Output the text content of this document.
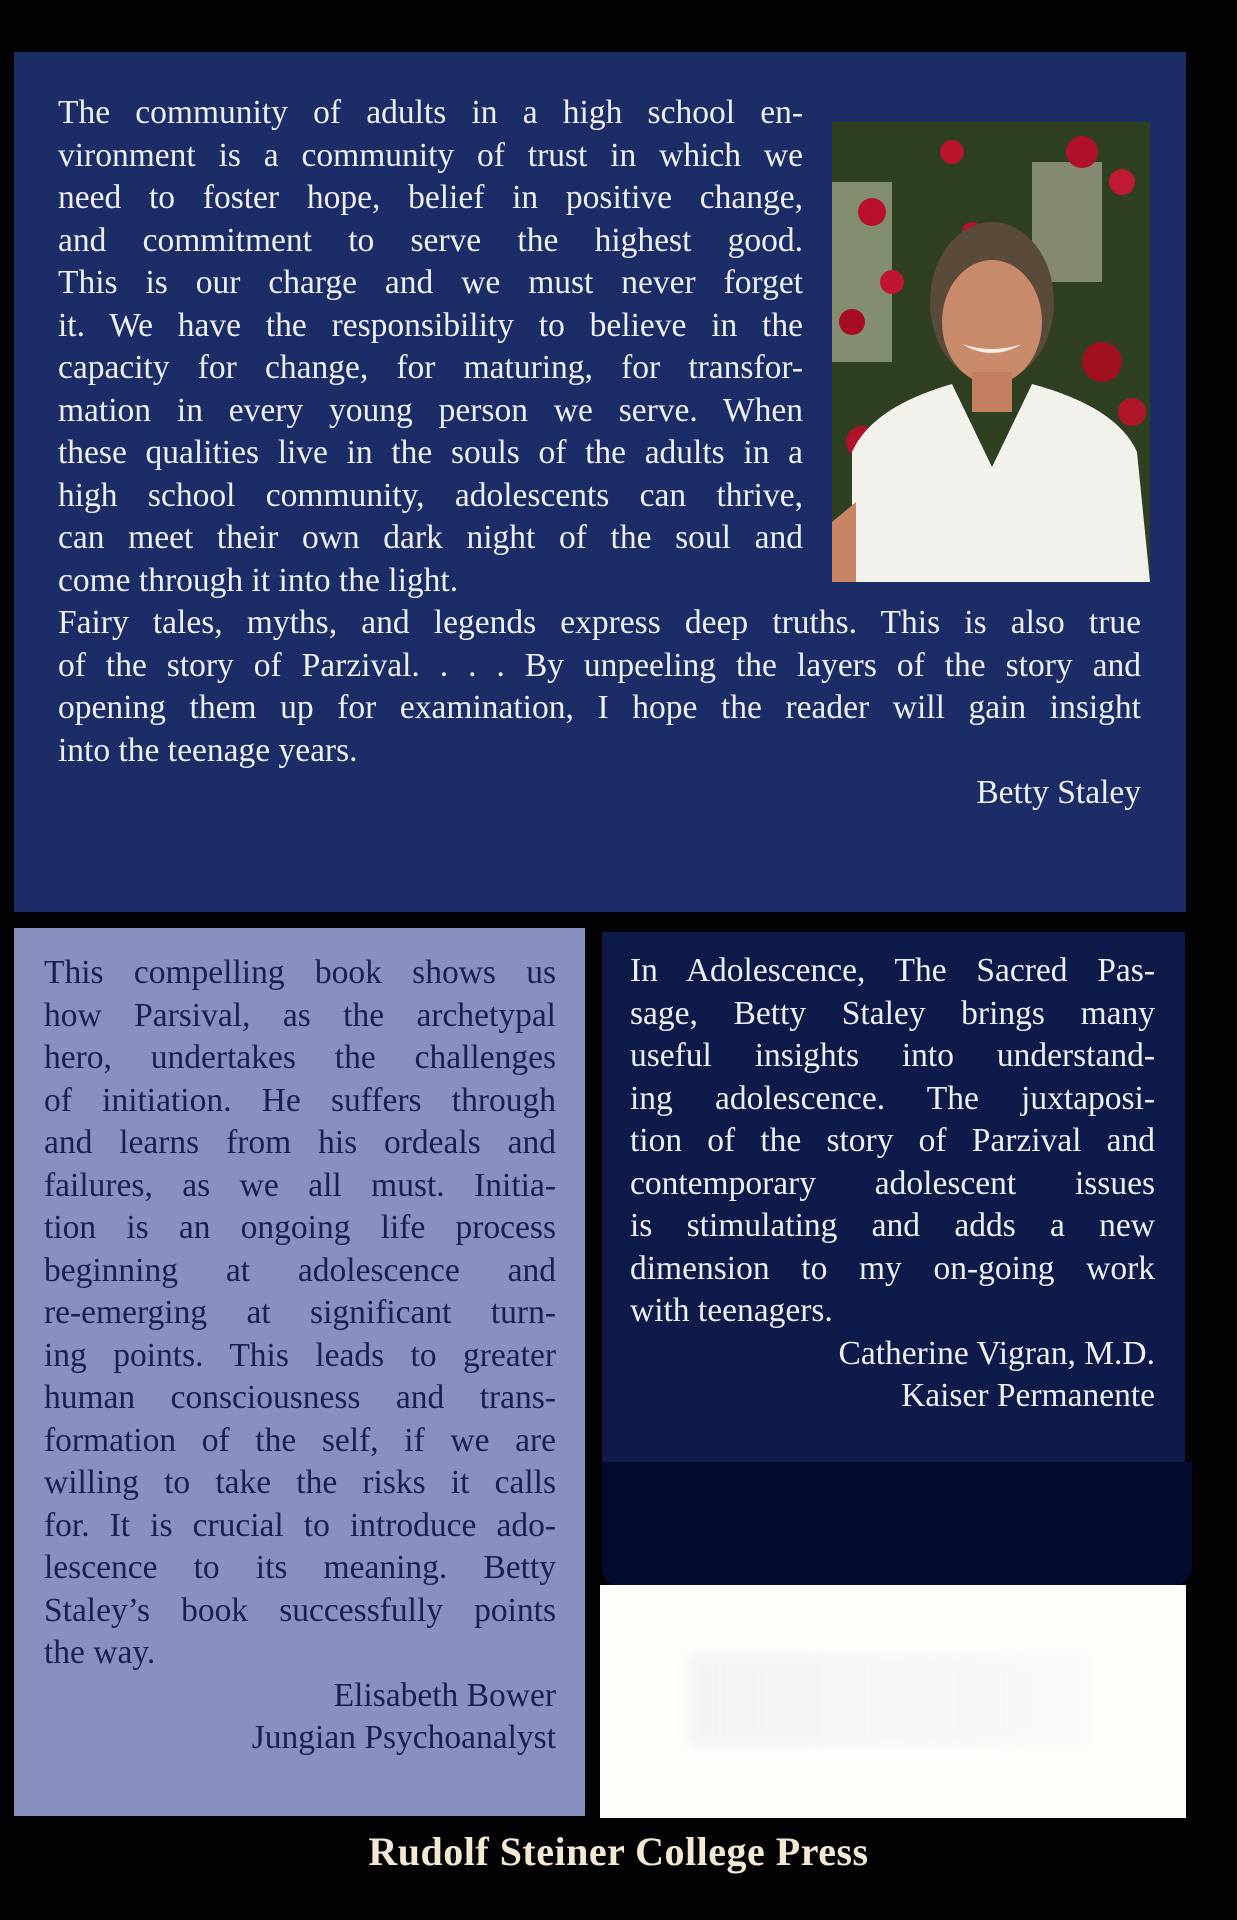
The community of adults in a high school en-
vironment is a community of trust in which we
need to foster hope, belief in positive change,
and commitment to serve the highest good.
This is our charge and we must never forget
it. We have the responsibility to believe in the
capacity for change, for maturing, for transfor-
mation in every young person we serve. When
these qualities live in the souls of the adults in a
high school community, adolescents can thrive,
can meet their own dark night of the soul and
come through it into the light.
Fairy tales, myths, and legends express deep truths. This is also true
of the story of Parzival. . . . By unpeeling the layers of the story and
opening them up for examination, I hope the reader will gain insight
into the teenage years.
Betty Staley
This compelling book shows us
how Parsival, as the archetypal
hero, undertakes the challenges
of initiation. He suffers through
and learns from his ordeals and
failures, as we all must. Initia-
tion is an ongoing life process
beginning at adolescence and
re-emerging at significant turn-
ing points. This leads to greater
human consciousness and trans-
formation of the self, if we are
willing to take the risks it calls
for. It is crucial to introduce ado-
lescence to its meaning. Betty
Staley’s book successfully points
the way.
Elisabeth Bower
Jungian Psychoanalyst
In Adolescence, The Sacred Pas-
sage, Betty Staley brings many
useful insights into understand-
ing adolescence. The juxtaposi-
tion of the story of Parzival and
contemporary adolescent issues
is stimulating and adds a new
dimension to my on-going work
with teenagers.
Catherine Vigran, M.D.
Kaiser Permanente
Rudolf Steiner College Press
